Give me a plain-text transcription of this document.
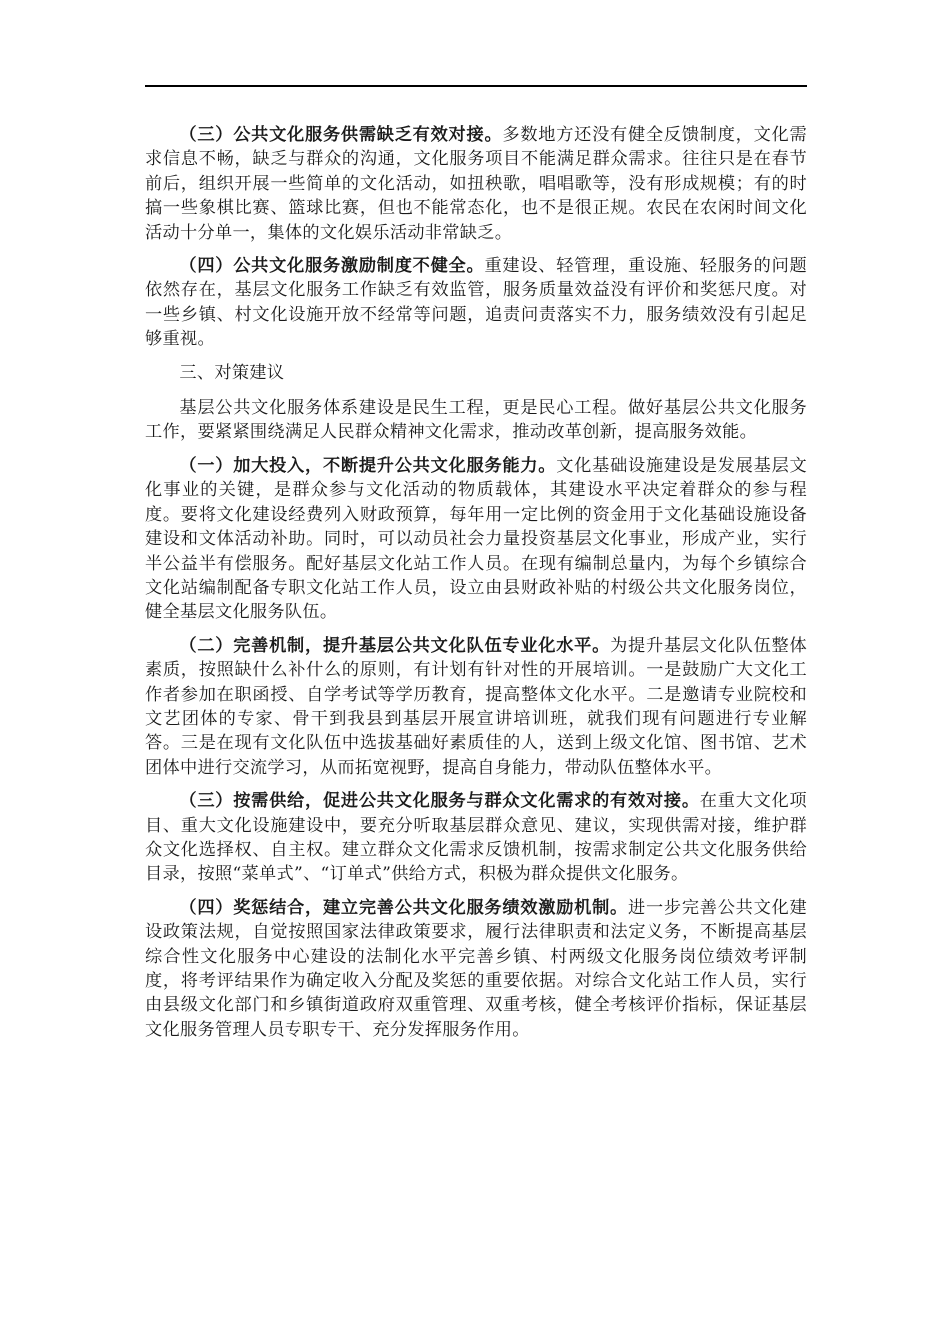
（三）公共文化服务供需缺乏有效对接。多数地方还没有健全反馈制度，文化需求信息不畅，缺乏与群众的沟通，文化服务项目不能满足群众需求。往往只是在春节前后，组织开展一些简单的文化活动，如扭秧歌，唱唱歌等，没有形成规模；有的时搞一些象棋比赛、篮球比赛，但也不能常态化，也不是很正规。农民在农闲时间文化活动十分单一，集体的文化娱乐活动非常缺乏。

（四）公共文化服务激励制度不健全。重建设、轻管理，重设施、轻服务的问题依然存在，基层文化服务工作缺乏有效监管，服务质量效益没有评价和奖惩尺度。对一些乡镇、村文化设施开放不经常等问题，追责问责落实不力，服务绩效没有引起足够重视。

三、对策建议

基层公共文化服务体系建设是民生工程，更是民心工程。做好基层公共文化服务工作，要紧紧围绕满足人民群众精神文化需求，推动改革创新，提高服务效能。

（一）加大投入，不断提升公共文化服务能力。文化基础设施建设是发展基层文化事业的关键，是群众参与文化活动的物质载体，其建设水平决定着群众的参与程度。要将文化建设经费列入财政预算，每年用一定比例的资金用于文化基础设施设备建设和文体活动补助。同时，可以动员社会力量投资基层文化事业，形成产业，实行半公益半有偿服务。配好基层文化站工作人员。在现有编制总量内，为每个乡镇综合文化站编制配备专职文化站工作人员，设立由县财政补贴的村级公共文化服务岗位，健全基层文化服务队伍。

（二）完善机制，提升基层公共文化队伍专业化水平。为提升基层文化队伍整体素质，按照缺什么补什么的原则，有计划有针对性的开展培训。一是鼓励广大文化工作者参加在职函授、自学考试等学历教育，提高整体文化水平。二是邀请专业院校和文艺团体的专家、骨干到我县到基层开展宣讲培训班，就我们现有问题进行专业解答。三是在现有文化队伍中选拔基础好素质佳的人，送到上级文化馆、图书馆、艺术团体中进行交流学习，从而拓宽视野，提高自身能力，带动队伍整体水平。

（三）按需供给，促进公共文化服务与群众文化需求的有效对接。在重大文化项目、重大文化设施建设中，要充分听取基层群众意见、建议，实现供需对接，维护群众文化选择权、自主权。建立群众文化需求反馈机制，按需求制定公共文化服务供给目录，按照“菜单式”、“订单式”供给方式，积极为群众提供文化服务。

（四）奖惩结合，建立完善公共文化服务绩效激励机制。进一步完善公共文化建设政策法规，自觉按照国家法律政策要求，履行法律职责和法定义务，不断提高基层综合性文化服务中心建设的法制化水平完善乡镇、村两级文化服务岗位绩效考评制度，将考评结果作为确定收入分配及奖惩的重要依据。对综合文化站工作人员，实行由县级文化部门和乡镇街道政府双重管理、双重考核，健全考核评价指标，保证基层文化服务管理人员专职专干、充分发挥服务作用。
